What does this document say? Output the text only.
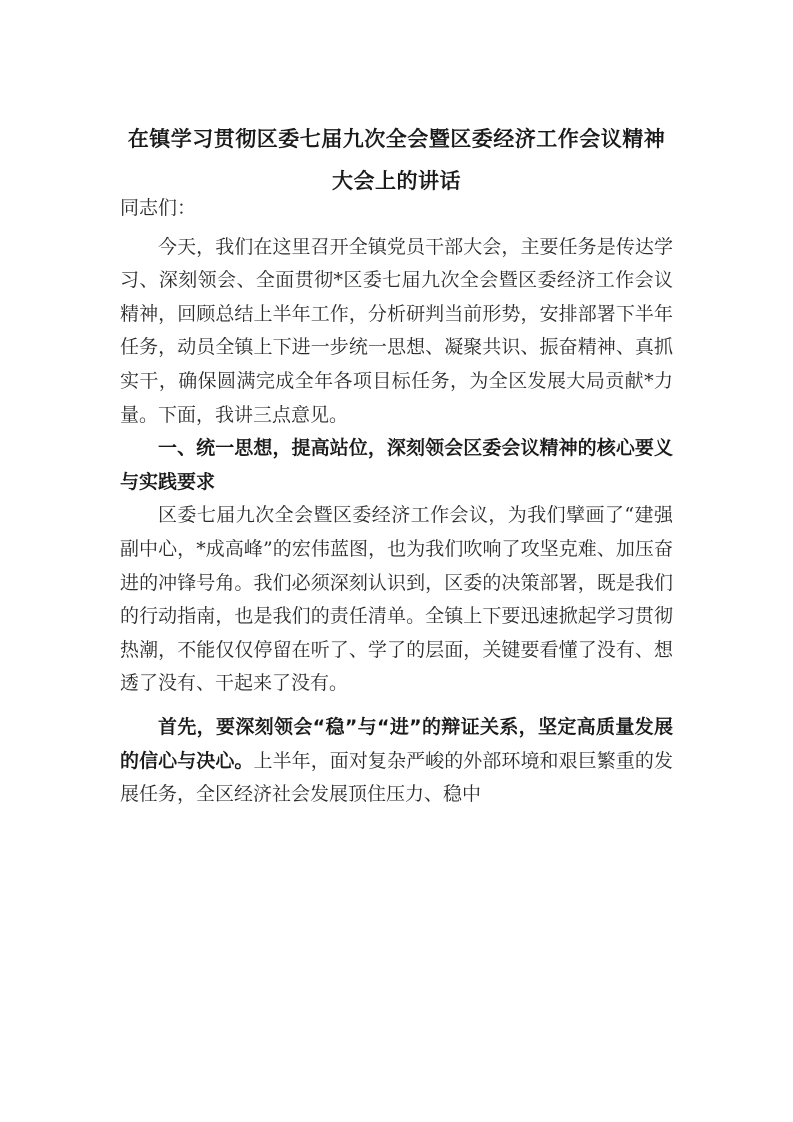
在镇学习贯彻区委七届九次全会暨区委经济工作会议精神
大会上的讲话

同志们：

今天，我们在这里召开全镇党员干部大会，主要任务是传达学习、深刻领会、全面贯彻*区委七届九次全会暨区委经济工作会议精神，回顾总结上半年工作，分析研判当前形势，安排部署下半年任务，动员全镇上下进一步统一思想、凝聚共识、振奋精神、真抓实干，确保圆满完成全年各项目标任务，为全区发展大局贡献*力量。下面，我讲三点意见。

一、统一思想，提高站位，深刻领会区委会议精神的核心要义与实践要求

区委七届九次全会暨区委经济工作会议，为我们擘画了“建强副中心，*成高峰”的宏伟蓝图，也为我们吹响了攻坚克难、加压奋进的冲锋号角。我们必须深刻认识到，区委的决策部署，既是我们的行动指南，也是我们的责任清单。全镇上下要迅速掀起学习贯彻热潮，不能仅仅停留在听了、学了的层面，关键要看懂了没有、想透了没有、干起来了没有。

首先，要深刻领会“稳”与“进”的辩证关系，坚定高质量发展的信心与决心。上半年，面对复杂严峻的外部环境和艰巨繁重的发展任务，全区经济社会发展顶住压力、稳中
